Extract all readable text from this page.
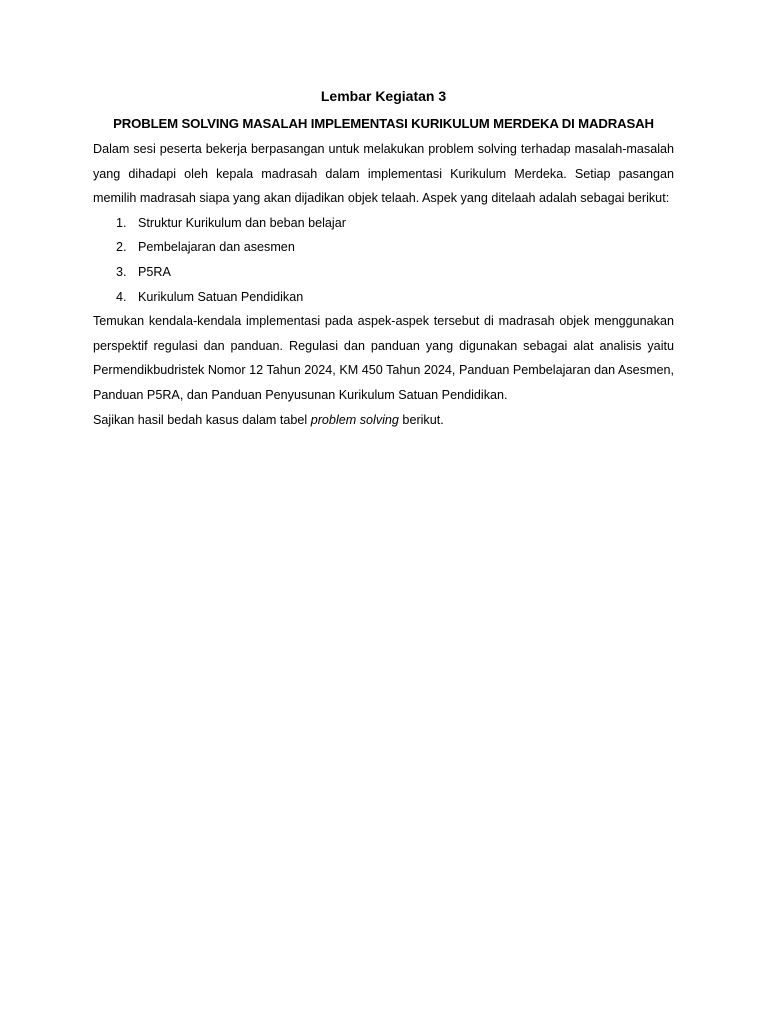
Lembar Kegiatan 3
PROBLEM SOLVING MASALAH IMPLEMENTASI KURIKULUM MERDEKA DI MADRASAH

Dalam sesi peserta bekerja berpasangan untuk melakukan problem solving terhadap masalah-masalah yang dihadapi oleh kepala madrasah dalam implementasi Kurikulum Merdeka. Setiap pasangan memilih madrasah siapa yang akan dijadikan objek telaah. Aspek yang ditelaah adalah sebagai berikut:

1. Struktur Kurikulum dan beban belajar
2. Pembelajaran dan asesmen
3. P5RA
4. Kurikulum Satuan Pendidikan

Temukan kendala-kendala implementasi pada aspek-aspek tersebut di madrasah objek menggunakan perspektif regulasi dan panduan. Regulasi dan panduan yang digunakan sebagai alat analisis yaitu Permendikbudristek Nomor 12 Tahun 2024, KM 450 Tahun 2024, Panduan Pembelajaran dan Asesmen, Panduan P5RA, dan Panduan Penyusunan Kurikulum Satuan Pendidikan.

Sajikan hasil bedah kasus dalam tabel problem solving berikut.
